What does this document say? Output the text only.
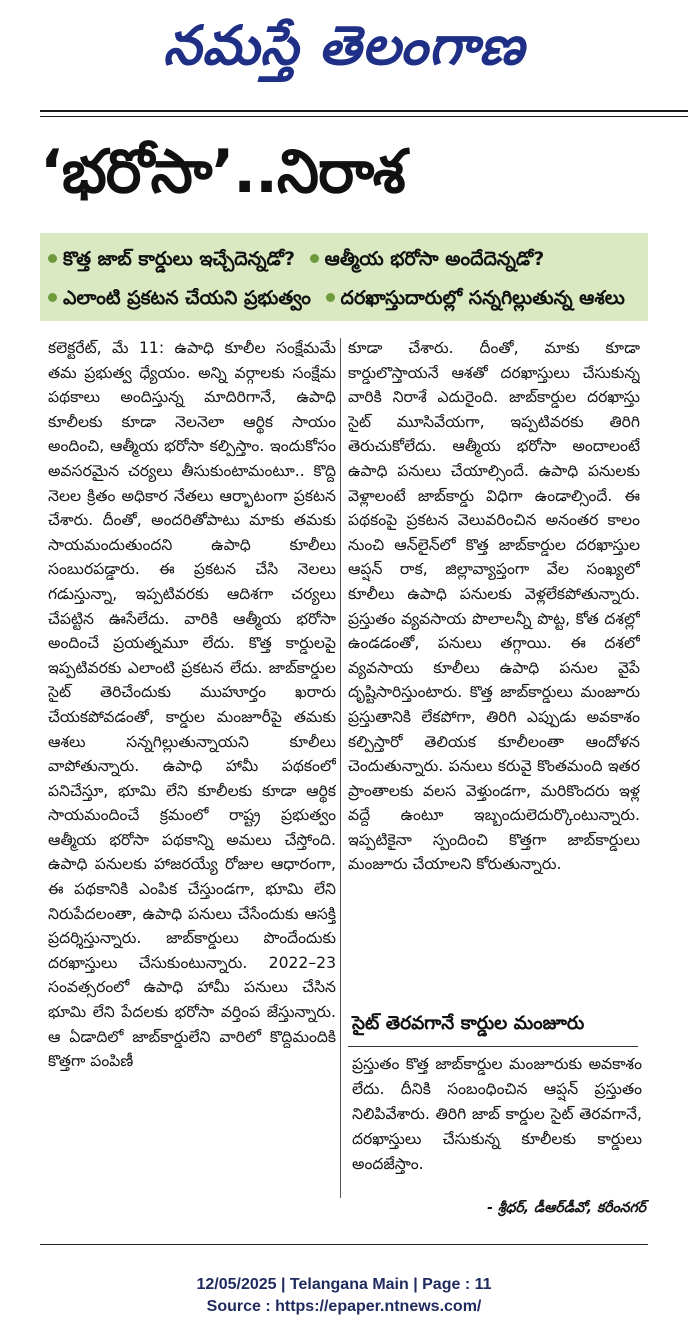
నమస్తే తెలంగాణ
‘భరోసా’..నిరాశ
కొత్త జాబ్ కార్డులు ఇచ్చేదెన్నడో? ఆత్మీయ భరోసా అందేదెన్నడో?
ఎలాంటి ప్రకటన చేయని ప్రభుత్వం దరఖాస్తుదారుల్లో సన్నగిల్లుతున్న ఆశలు

కలెక్టరేట్, మే 11: ఉపాధి కూలీల సంక్షేమమే తమ ప్రభుత్వ ధ్యేయం. అన్ని వర్గాలకు సంక్షేమ పథకాలు అందిస్తున్న మాదిరిగానే, ఉపాధి కూలీలకు కూడా నెలనెలా ఆర్థిక సాయం అందించి, ఆత్మీయ భరోసా కల్పిస్తాం. ఇందుకోసం అవసరమైన చర్యలు తీసుకుంటామంటూ.. కొద్ది నెలల క్రితం అధికార నేతలు ఆర్భాటంగా ప్రకటన చేశారు. దీంతో, అందరితోపాటు మాకు తమకు సాయమందుతుందని ఉపాధి కూలీలు సంబురపడ్డారు. ఈ ప్రకటన చేసి నెలలు గడుస్తున్నా, ఇప్పటివరకు ఆదిశగా చర్యలు చేపట్టిన ఊసేలేదు. వారికి ఆత్మీయ భరోసా అందించే ప్రయత్నమూ లేదు. కొత్త కార్డులపై ఇప్పటివరకు ఎలాంటి ప్రకటన లేదు. జాబ్‌కార్డుల సైట్ తెరిచేందుకు ముహూర్తం ఖరారు చేయకపోవడంతో, కార్డుల మంజూరీపై తమకు ఆశలు సన్నగిల్లుతున్నాయని కూలీలు వాపోతున్నారు. ఉపాధి హామీ పథకంలో పనిచేస్తూ, భూమి లేని కూలీలకు కూడా ఆర్థిక సాయమందించే క్రమంలో రాష్ట్ర ప్రభుత్వం ఆత్మీయ భరోసా పథకాన్ని అమలు చేస్తోంది. ఉపాధి పనులకు హాజరయ్యే రోజుల ఆధారంగా, ఈ పథకానికి ఎంపిక చేస్తుండగా, భూమి లేని నిరుపేదలంతా, ఉపాధి పనులు చేసేందుకు ఆసక్తి ప్రదర్శిస్తున్నారు. జాబ్‌కార్డులు పొందేందుకు దరఖాస్తులు చేసుకుంటున్నారు. 2022–23 సంవత్సరంలో ఉపాధి హామీ పనులు చేసిన భూమి లేని పేదలకు భరోసా వర్తింప జేస్తున్నారు. ఆ ఏడాదిలో జాబ్‌కార్డులేని వారిలో కొద్దిమందికి కొత్తగా పంపిణీ

కూడా చేశారు. దీంతో, మాకు కూడా కార్డులొస్తాయనే ఆశతో దరఖాస్తులు చేసుకున్న వారికి నిరాశే ఎదురైంది. జాబ్‌కార్డుల దరఖాస్తు సైట్ మూసివేయగా, ఇప్పటివరకు తిరిగి తెరుచుకోలేదు. ఆత్మీయ భరోసా అందాలంటే ఉపాధి పనులు చేయాల్సిందే. ఉపాధి పనులకు వెళ్లాలంటే జాబ్‌కార్డు విధిగా ఉండాల్సిందే. ఈ పథకంపై ప్రకటన వెలువరించిన అనంతర కాలం నుంచి ఆన్‌లైన్‌లో కొత్త జాబ్‌కార్డుల దరఖాస్తుల ఆప్షన్ రాక, జిల్లావ్యాప్తంగా వేల సంఖ్యలో కూలీలు ఉపాధి పనులకు వెళ్లలేకపోతున్నారు. ప్రస్తుతం వ్యవసాయ పొలాలన్నీ పొట్ట, కోత దశల్లో ఉండడంతో, పనులు తగ్గాయి. ఈ దశలో వ్యవసాయ కూలీలు ఉపాధి పనుల వైపే దృష్టిసారిస్తుంటారు. కొత్త జాబ్‌కార్డులు మంజూరు ప్రస్తుతానికి లేకపోగా, తిరిగి ఎప్పుడు అవకాశం కల్పిస్తారో తెలియక కూలీలంతా ఆందోళన చెందుతున్నారు. పనులు కరువై కొంతమంది ఇతర ప్రాంతాలకు వలస వెళ్తుండగా, మరికొందరు ఇళ్ల వద్దే ఉంటూ ఇబ్బందులెదుర్కొంటున్నారు. ఇప్పటికైనా స్పందించి కొత్తగా జాబ్‌కార్డులు మంజూరు చేయాలని కోరుతున్నారు.

సైట్ తెరవగానే కార్డుల మంజూరు
ప్రస్తుతం కొత్త జాబ్‌కార్డుల మంజూరుకు అవకాశం లేదు. దీనికి సంబంధించిన ఆప్షన్ ప్రస్తుతం నిలిపివేశారు. తిరిగి జాబ్ కార్డుల సైట్ తెరవగానే, దరఖాస్తులు చేసుకున్న కూలీలకు కార్డులు అందజేస్తాం.
- శ్రీధర్, డీఆర్‌డీవో, కరీంనగర్
12/05/2025 | Telangana Main | Page : 11
Source : https://epaper.ntnews.com/
